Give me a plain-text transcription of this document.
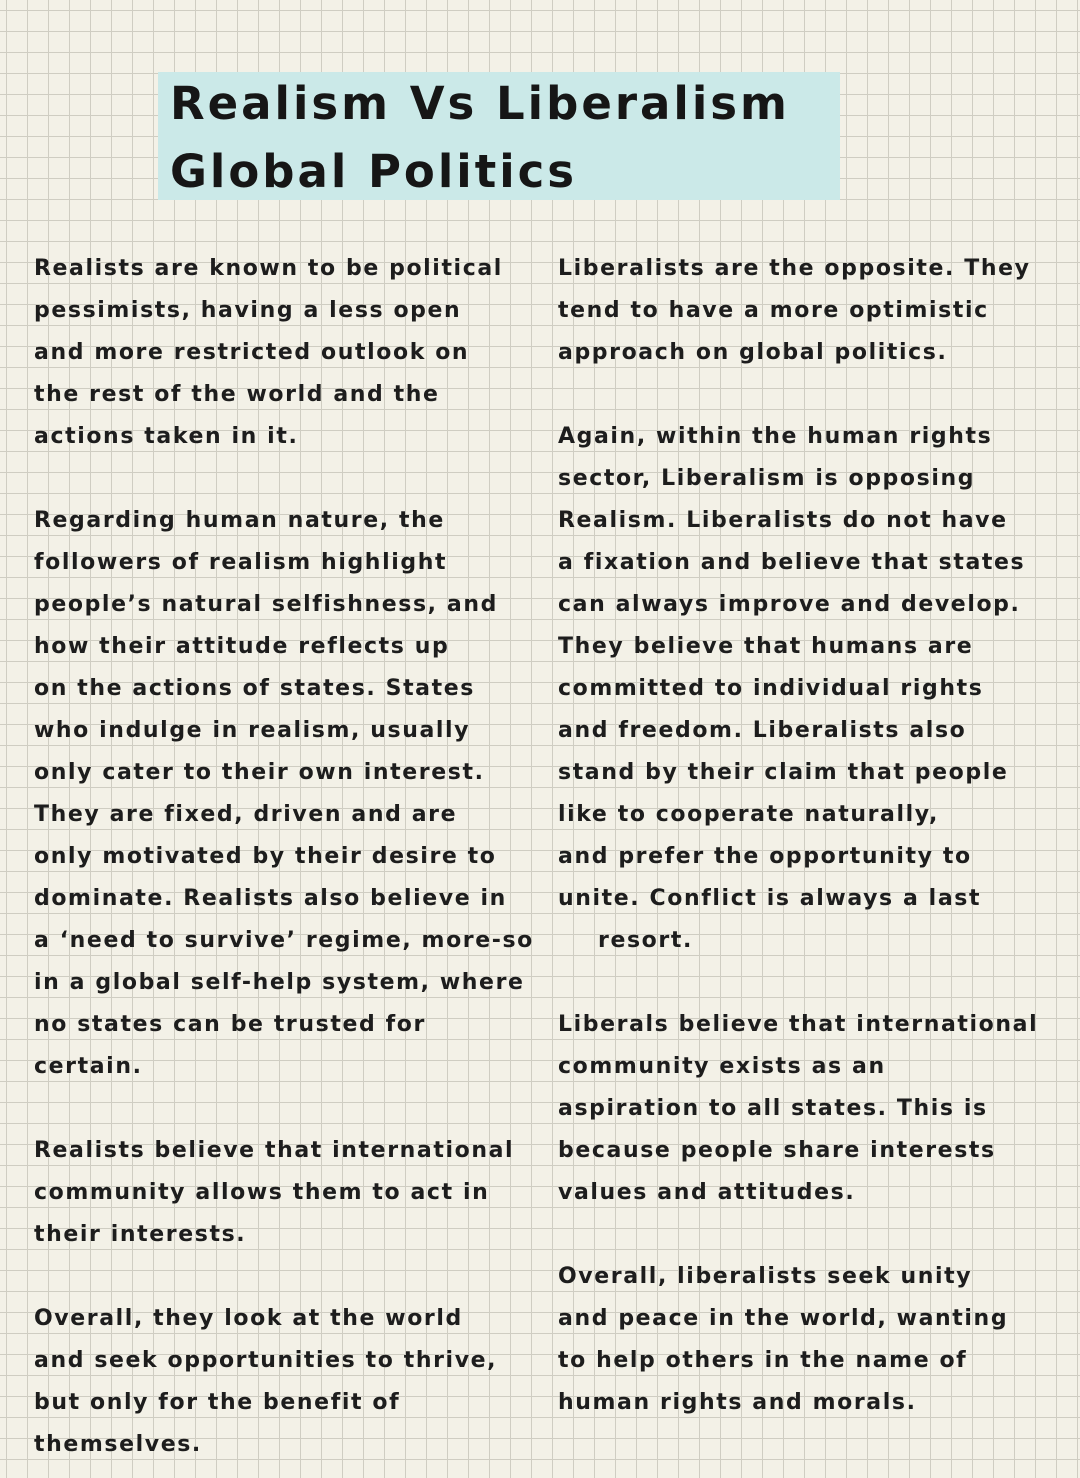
Realism Vs Liberalism
Global Politics
Realists are known to be political
pessimists, having a less open
and more restricted outlook on
the rest of the world and the
actions taken in it.
Regarding human nature, the
followers of realism highlight
people’s natural selfishness, and
how their attitude reflects up
on the actions of states. States
who indulge in realism, usually
only cater to their own interest.
They are fixed, driven and are
only motivated by their desire to
dominate. Realists also believe in
a ‘need to survive’ regime, more-so
in a global self-help system, where
no states can be trusted for
certain.
Realists believe that international
community allows them to act in
their interests.
Overall, they look at the world
and seek opportunities to thrive,
but only for the benefit of
themselves.
Liberalists are the opposite. They
tend to have a more optimistic
approach on global politics.
Again, within the human rights
sector, Liberalism is opposing
Realism. Liberalists do not have
a fixation and believe that states
can always improve and develop.
They believe that humans are
committed to individual rights
and freedom. Liberalists also
stand by their claim that people
like to cooperate naturally,
and prefer the opportunity to
unite. Conflict is always a last
resort.
Liberals believe that international
community exists as an
aspiration to all states. This is
because people share interests
values and attitudes.
Overall, liberalists seek unity
and peace in the world, wanting
to help others in the name of
human rights and morals.
